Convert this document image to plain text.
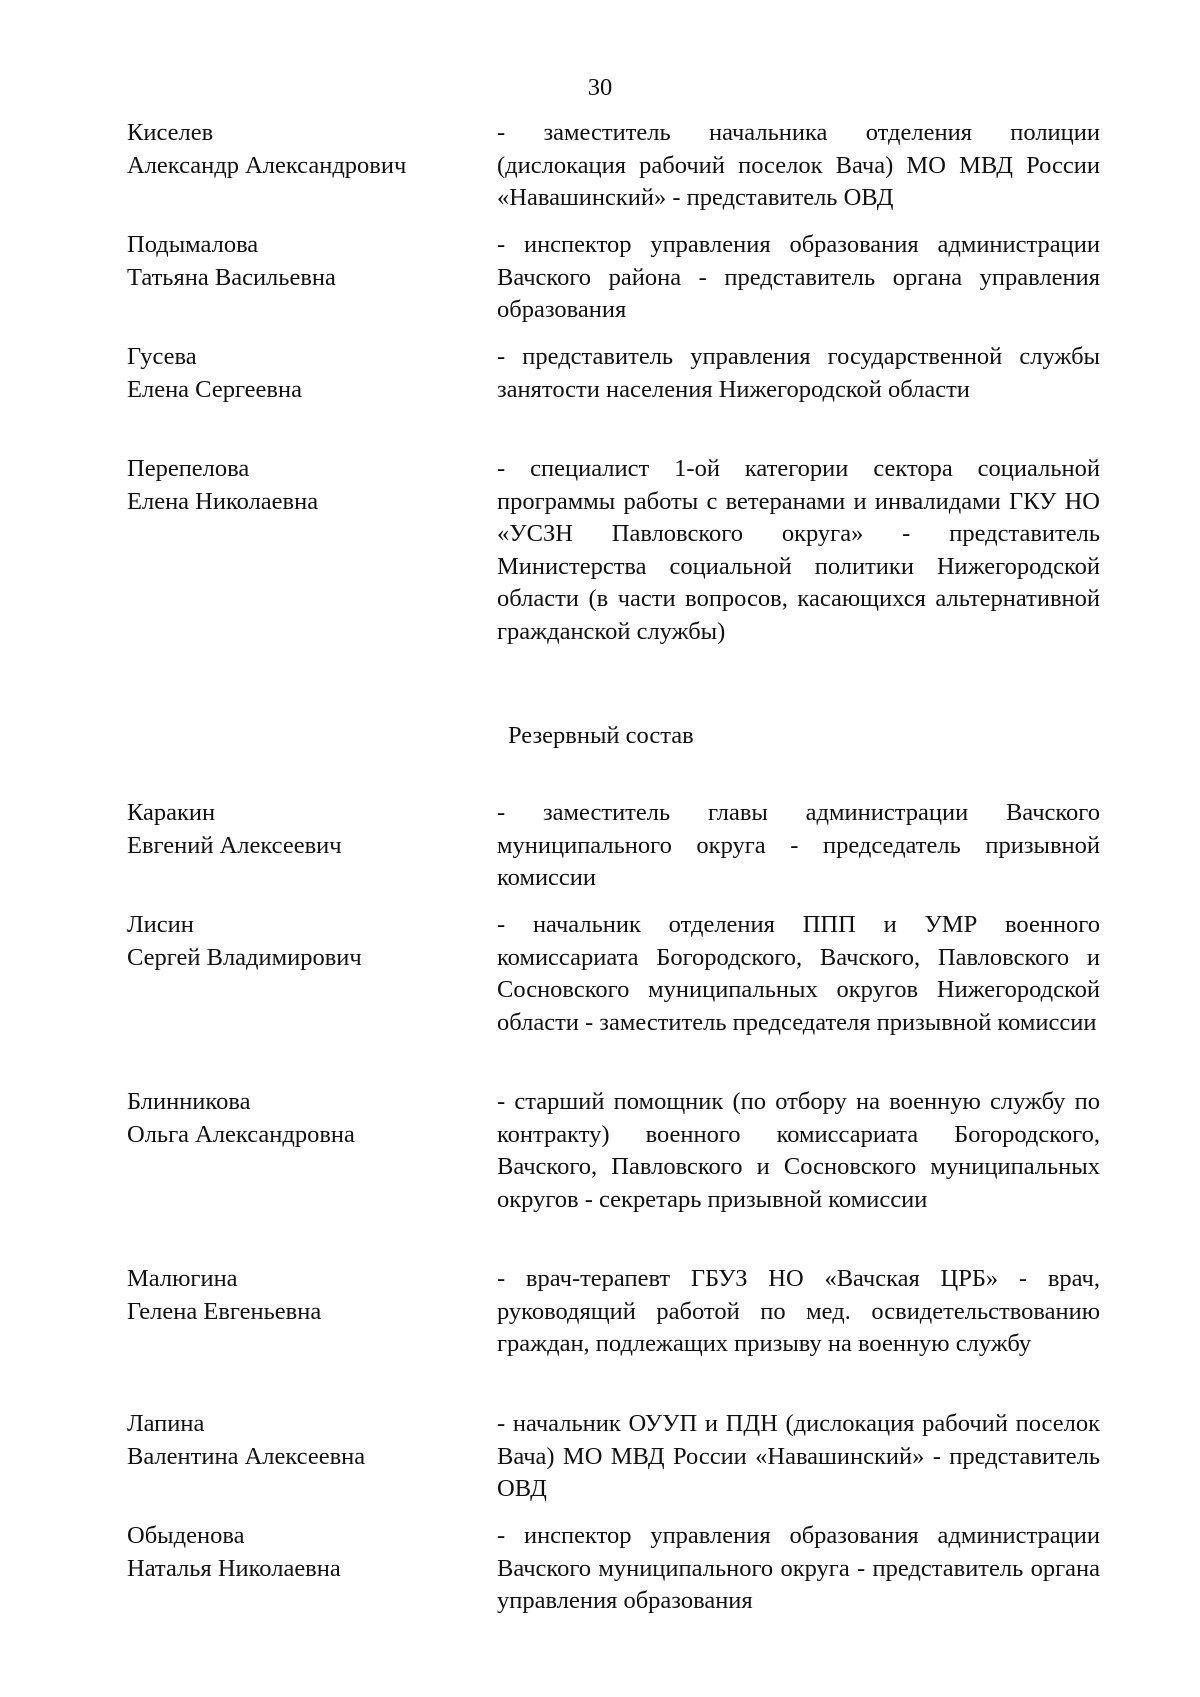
30
Киселев
Александр Александрович
- заместитель начальника отделения полиции (дислокация рабочий поселок Вача) МО МВД России «Навашинский» - представитель ОВД
Подымалова
Татьяна Васильевна
- инспектор управления образования администрации Вачского района - представитель органа управления образования
Гусева
Елена Сергеевна
- представитель управления государственной службы занятости населения Нижегородской области
Перепелова
Елена Николаевна
- специалист 1-ой категории сектора социальной программы работы с ветеранами и инвалидами ГКУ НО «УСЗН Павловского округа» - представитель Министерства социальной политики Нижегородской области (в части вопросов, касающихся альтернативной гражданской службы)
Резервный состав
Каракин
Евгений Алексеевич
- заместитель главы администрации Вачского муниципального округа - председатель призывной комиссии
Лисин
Сергей Владимирович
- начальник отделения ППП и УМР военного комиссариата Богородского, Вачского, Павловского и Сосновского муниципальных округов Нижегородской области - заместитель председателя призывной комиссии
Блинникова
Ольга Александровна
- старший помощник (по отбору на военную службу по контракту) военного комиссариата Богородского, Вачского, Павловского и Сосновского муниципальных округов - секретарь призывной комиссии
Малюгина
Гелена Евгеньевна
- врач-терапевт ГБУЗ НО «Вачская ЦРБ» - врач, руководящий работой по мед. освидетельствованию граждан, подлежащих призыву на военную службу
Лапина
Валентина Алексеевна
- начальник ОУУП и ПДН (дислокация рабочий поселок Вача) МО МВД России «Навашинский» - представитель ОВД
Обыденова
Наталья Николаевна
- инспектор управления образования администрации Вачского муниципального округа - представитель органа управления образования
